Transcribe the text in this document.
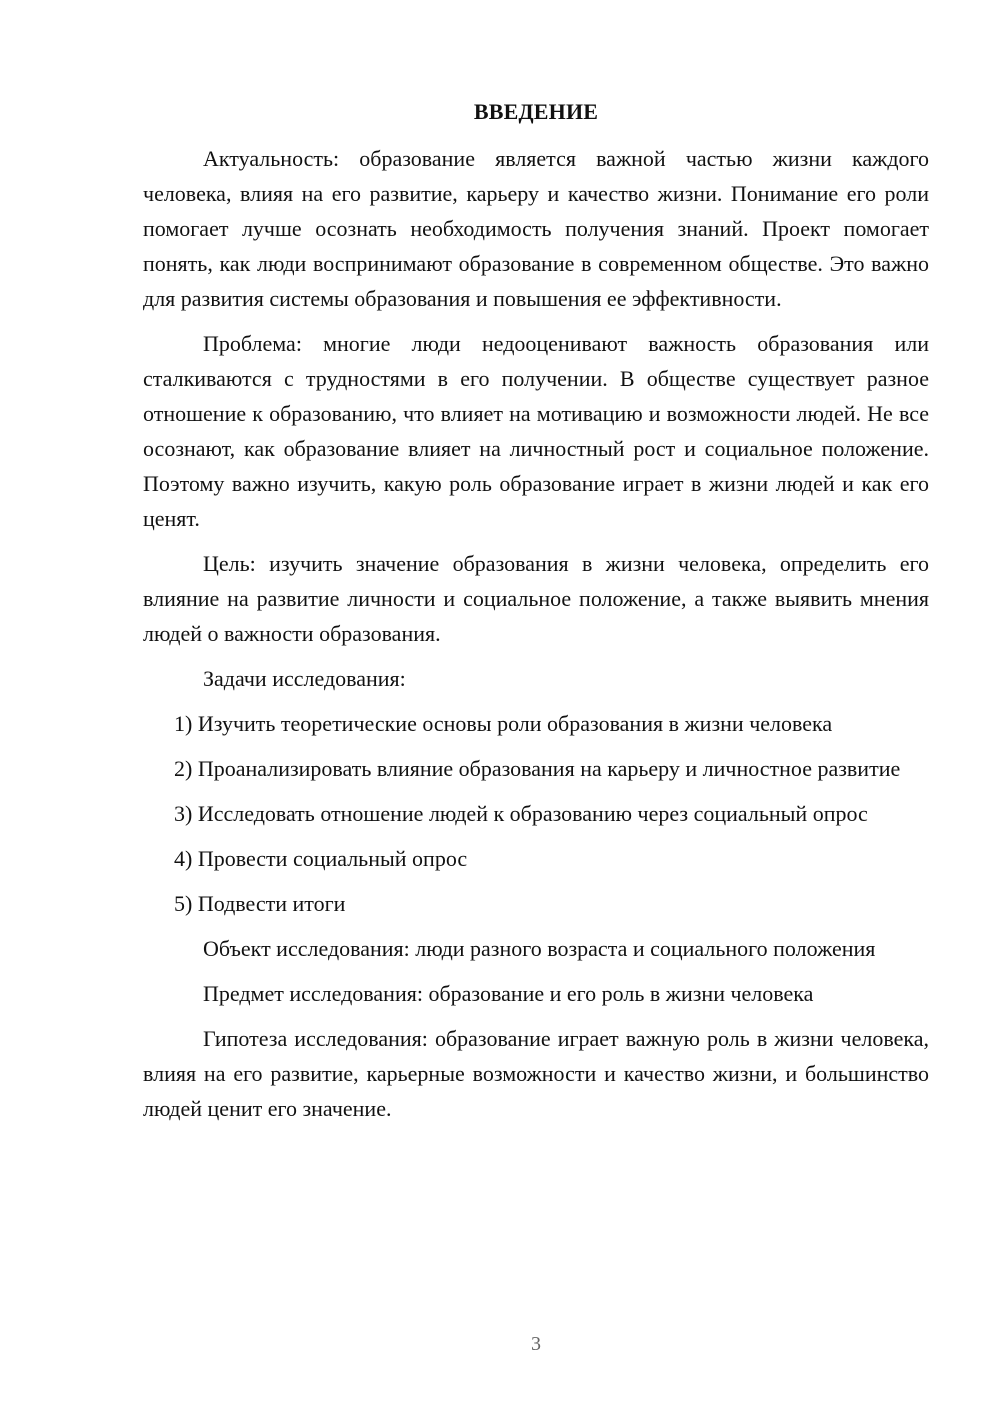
ВВЕДЕНИЕ

Актуальность: образование является важной частью жизни каждого человека, влияя на его развитие, карьеру и качество жизни. Понимание его роли помогает лучше осознать необходимость получения знаний. Проект помогает понять, как люди воспринимают образование в современном обществе. Это важно для развития системы образования и повышения ее эффективности.

Проблема: многие люди недооценивают важность образования или сталкиваются с трудностями в его получении. В обществе существует разное отношение к образованию, что влияет на мотивацию и возможности людей. Не все осознают, как образование влияет на личностный рост и социальное положение. Поэтому важно изучить, какую роль образование играет в жизни людей и как его ценят.

Цель: изучить значение образования в жизни человека, определить его влияние на развитие личности и социальное положение, а также выявить мнения людей о важности образования.

Задачи исследования:

1) Изучить теоретические основы роли образования в жизни человека

2) Проанализировать влияние образования на карьеру и личностное развитие

3) Исследовать отношение людей к образованию через социальный опрос

4) Провести социальный опрос

5) Подвести итоги

Объект исследования: люди разного возраста и социального положения

Предмет исследования: образование и его роль в жизни человека

Гипотеза исследования: образование играет важную роль в жизни человека, влияя на его развитие, карьерные возможности и качество жизни, и большинство людей ценит его значение.

3
